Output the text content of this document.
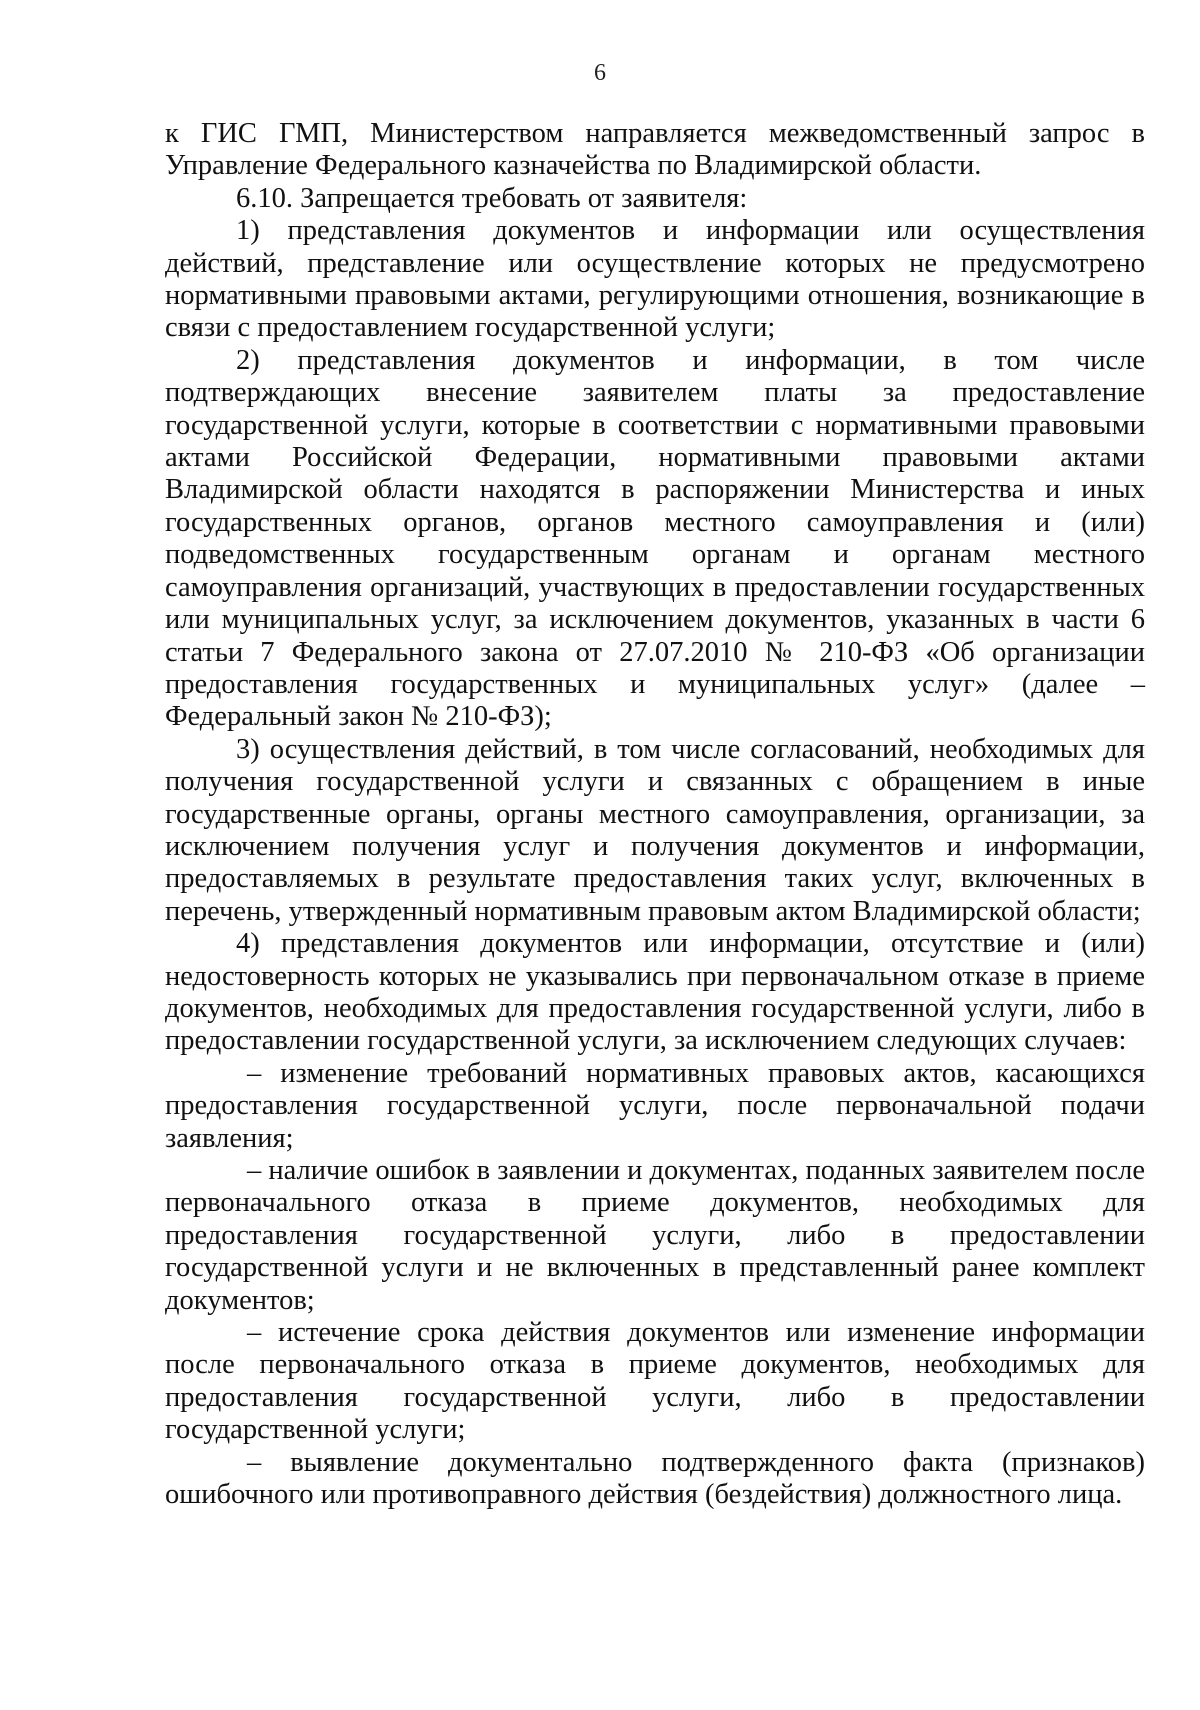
6

к ГИС ГМП, Министерством направляется межведомственный запрос в Управление Федерального казначейства по Владимирской области.

6.10. Запрещается требовать от заявителя:

1) представления документов и информации или осуществления действий, представление или осуществление которых не предусмотрено нормативными правовыми актами, регулирующими отношения, возникающие в связи с предоставлением государственной услуги;

2) представления документов и информации, в том числе подтверждающих внесение заявителем платы за предоставление государственной услуги, которые в соответствии с нормативными правовыми актами Российской Федерации, нормативными правовыми актами Владимирской области находятся в распоряжении Министерства и иных государственных органов, органов местного самоуправления и (или) подведомственных государственным органам и органам местного самоуправления организаций, участвующих в предоставлении государственных или муниципальных услуг, за исключением документов, указанных в части 6 статьи 7 Федерального закона от 27.07.2010 № 210-ФЗ «Об организации предоставления государственных и муниципальных услуг» (далее – Федеральный закон № 210-ФЗ);

3) осуществления действий, в том числе согласований, необходимых для получения государственной услуги и связанных с обращением в иные государственные органы, органы местного самоуправления, организации, за исключением получения услуг и получения документов и информации, предоставляемых в результате предоставления таких услуг, включенных в перечень, утвержденный нормативным правовым актом Владимирской области;

4) представления документов или информации, отсутствие и (или) недостоверность которых не указывались при первоначальном отказе в приеме документов, необходимых для предоставления государственной услуги, либо в предоставлении государственной услуги, за исключением следующих случаев:

– изменение требований нормативных правовых актов, касающихся предоставления государственной услуги, после первоначальной подачи заявления;

– наличие ошибок в заявлении и документах, поданных заявителем после первоначального отказа в приеме документов, необходимых для предоставления государственной услуги, либо в предоставлении государственной услуги и не включенных в представленный ранее комплект документов;

– истечение срока действия документов или изменение информации после первоначального отказа в приеме документов, необходимых для предоставления государственной услуги, либо в предоставлении государственной услуги;

– выявление документально подтвержденного факта (признаков) ошибочного или противоправного действия (бездействия) должностного лица.
